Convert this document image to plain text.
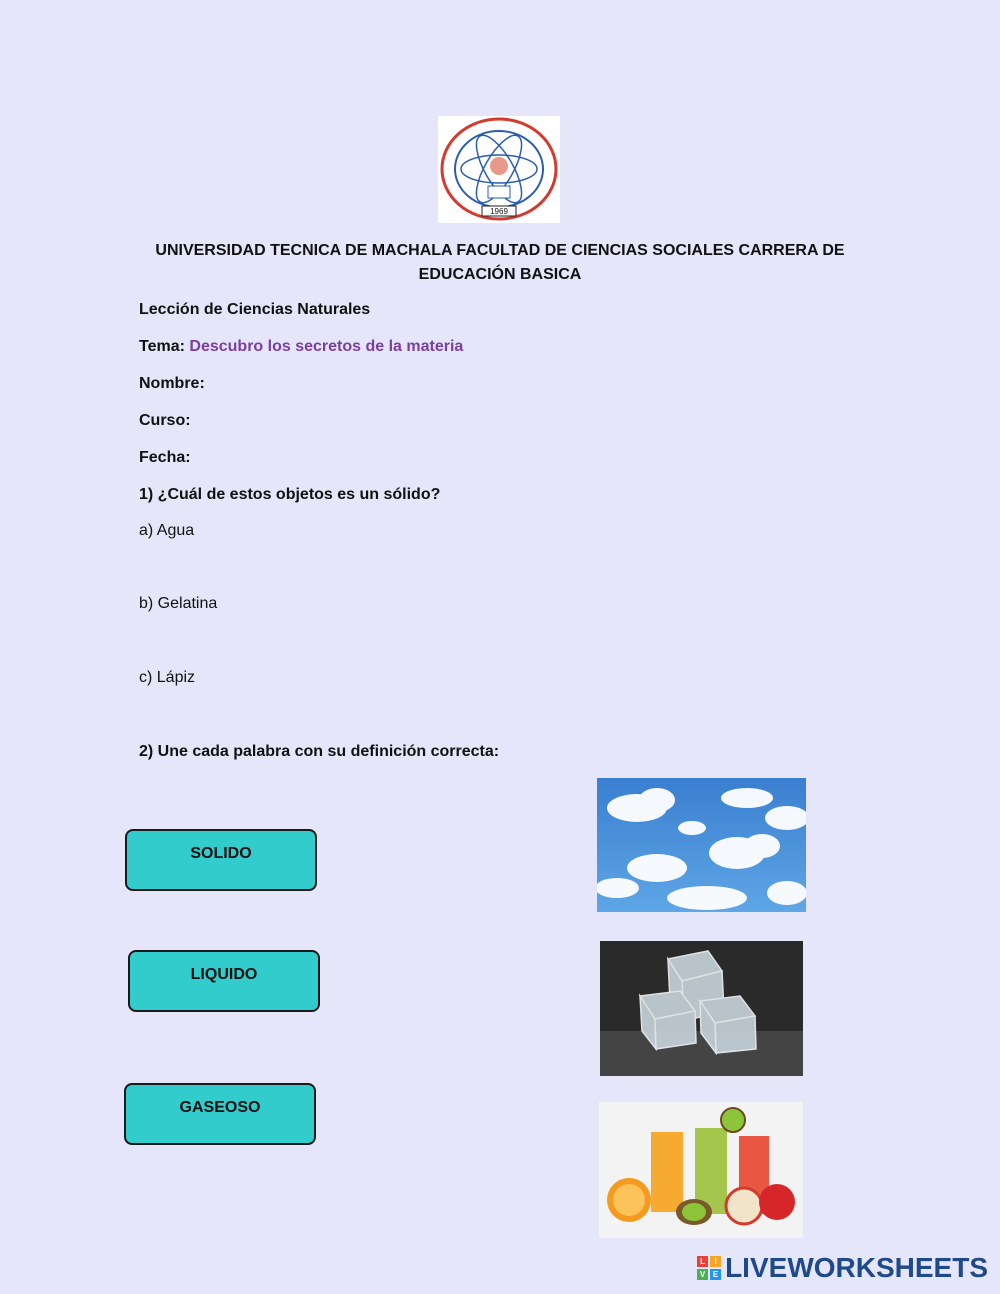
1969
UNIVERSIDAD TECNICA DE MACHALA FACULTAD DE CIENCIAS SOCIALES CARRERA DE EDUCACIÓN BASICA
Lección de Ciencias Naturales
Tema: Descubro los secretos de la materia
Nombre:
Curso:
Fecha:
1) ¿Cuál de estos objetos es un sólido?
a) Agua
b) Gelatina
c) Lápiz
2) Une cada palabra con su definición correcta:
SOLIDO
LIQUIDO
GASEOSO
L	I
V E LIVEWORKSHEETS
